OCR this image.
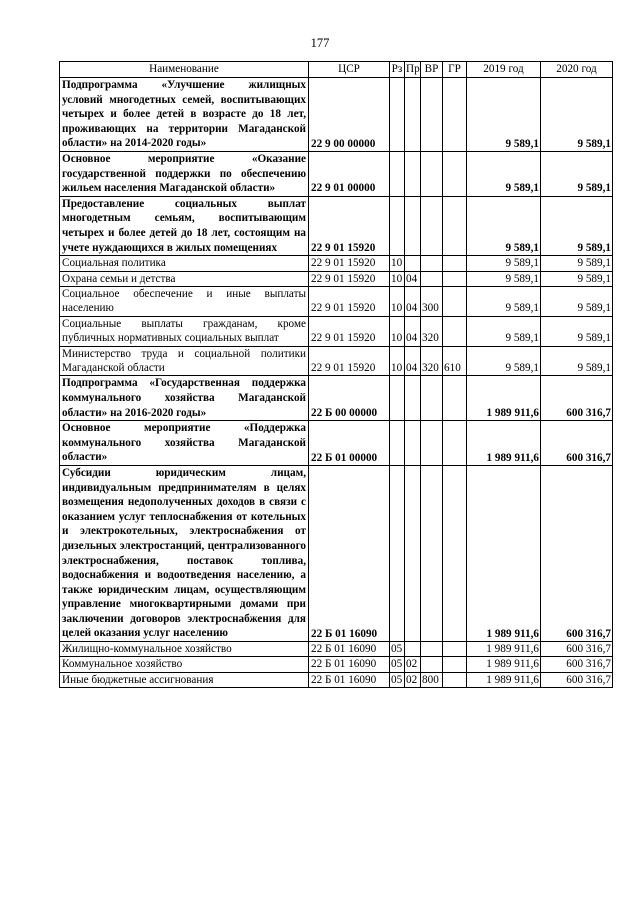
177
Наименование	ЦСР	Рз	Пр	ВР	ГР	2019 год	2020 год
Подпрограмма «Улучшение жилищных условий многодетных семей, воспитывающих четырех и более детей в возрасте до 18 лет, проживающих на территории Магаданской области» на 2014-2020 годы»	22 9 00 00000					9 589,1	9 589,1
Основное мероприятие «Оказание государственной поддержки по обеспечению жильем населения Магаданской области»	22 9 01 00000					9 589,1	9 589,1
Предоставление социальных выплат многодетным семьям, воспитывающим четырех и более детей до 18 лет, состоящим на учете нуждающихся в жилых помещениях	22 9 01 15920					9 589,1	9 589,1
Социальная политика	22 9 01 15920	10				9 589,1	9 589,1
Охрана семьи и детства	22 9 01 15920	10	04			9 589,1	9 589,1
Социальное обеспечение и иные выплаты населению	22 9 01 15920	10	04	300		9 589,1	9 589,1
Социальные выплаты гражданам, кроме публичных нормативных социальных выплат	22 9 01 15920	10	04	320		9 589,1	9 589,1
Министерство труда и социальной политики Магаданской области	22 9 01 15920	10	04	320	610	9 589,1	9 589,1
Подпрограмма «Государственная поддержка коммунального хозяйства Магаданской области» на 2016-2020 годы»	22 Б 00 00000					1 989 911,6	600 316,7
Основное мероприятие «Поддержка коммунального хозяйства Магаданской области»	22 Б 01 00000					1 989 911,6	600 316,7
Субсидии юридическим лицам, индивидуальным предпринимателям в целях возмещения недополученных доходов в связи с оказанием услуг теплоснабжения от котельных и электрокотельных, электроснабжения от дизельных электростанций, централизованного электроснабжения, поставок топлива, водоснабжения и водоотведения населению, а также юридическим лицам, осуществляющим управление многоквартирными домами при заключении договоров электроснабжения для целей оказания услуг населению	22 Б 01 16090					1 989 911,6	600 316,7
Жилищно-коммунальное хозяйство	22 Б 01 16090	05				1 989 911,6	600 316,7
Коммунальное хозяйство	22 Б 01 16090	05	02			1 989 911,6	600 316,7
Иные бюджетные ассигнования	22 Б 01 16090	05	02	800		1 989 911,6	600 316,7
